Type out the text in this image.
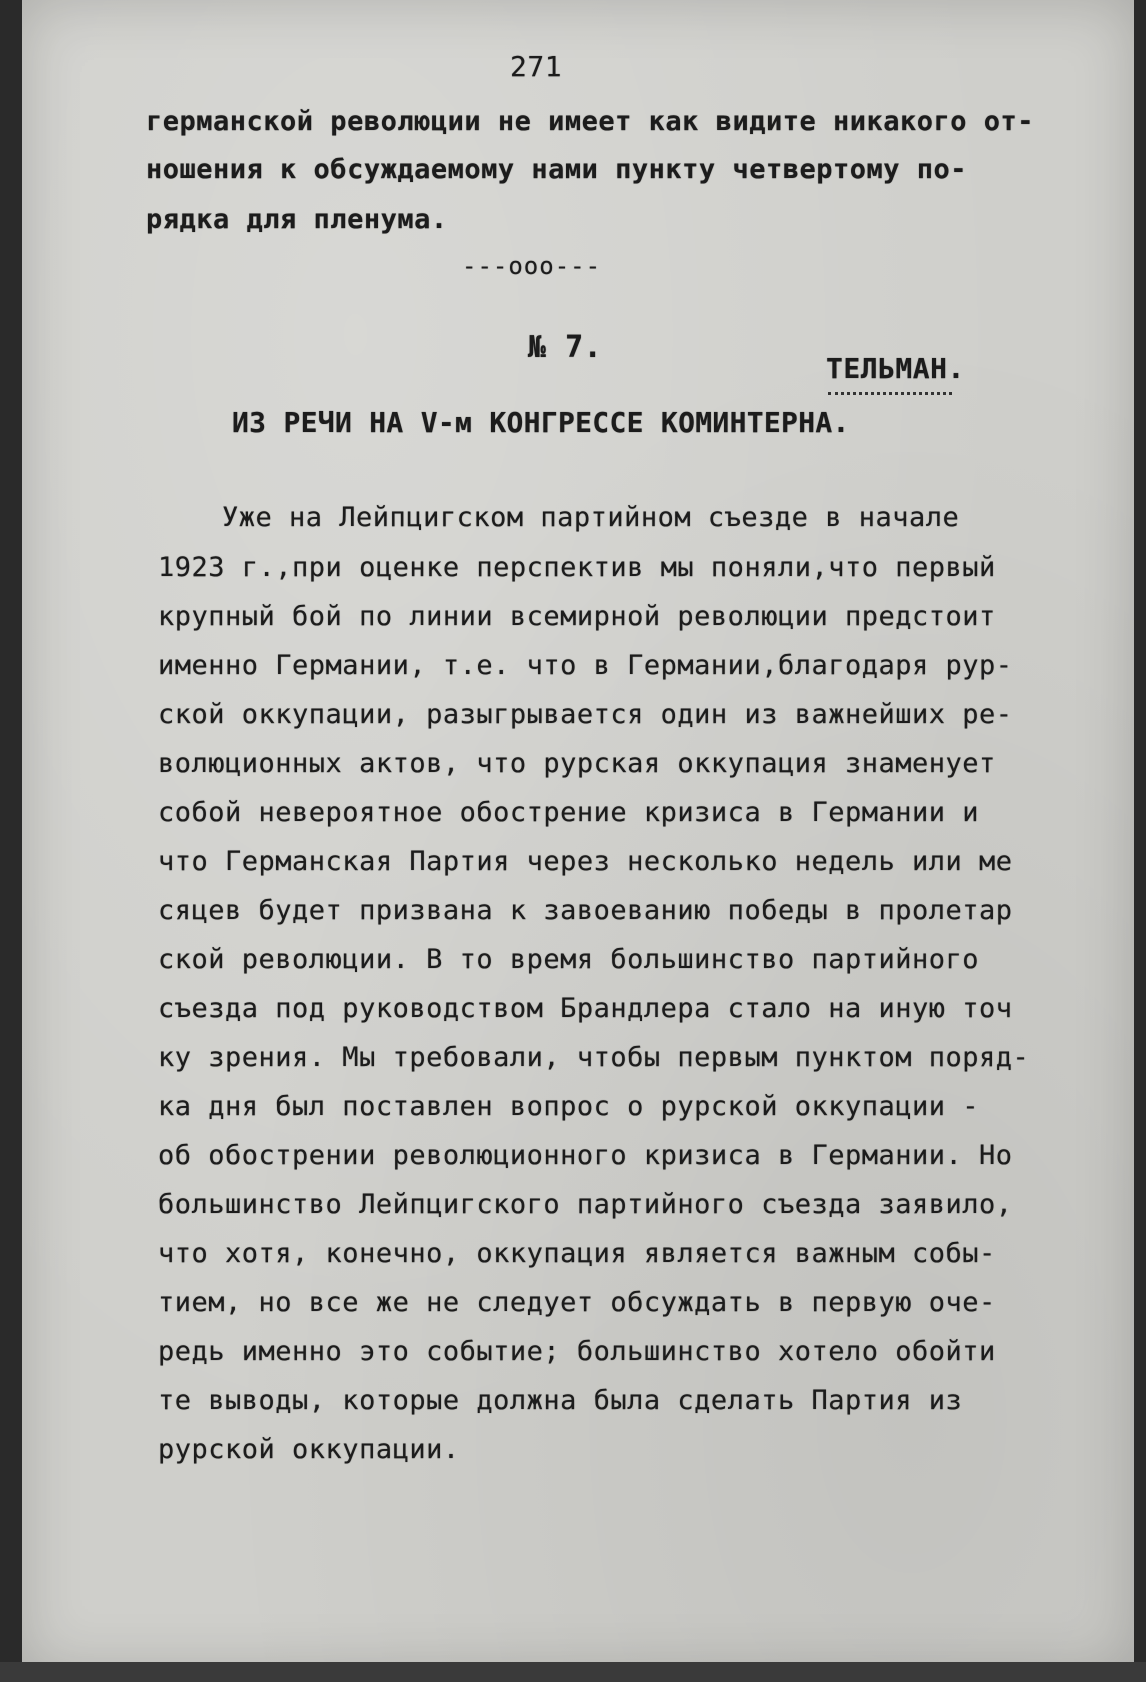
271
германской революции не имеет как видите никакого от-
ношения к обсуждаемому нами пункту четвертому по-
рядка для пленума.
---ооо---
№ 7.
ТЕЛЬМАН.
ИЗ РЕЧИ НА V-м КОНГРЕССЕ КОМИНТЕРНА.
Уже на Лейпцигском партийном съезде в начале
1923 г.,при оценке перспектив мы поняли,что первый
крупный бой по линии всемирной революции предстоит
именно Германии, т.е. что в Германии,благодаря рур-
ской оккупации, разыгрывается один из важнейших ре-
волюционных актов, что рурская оккупация знаменует
собой невероятное обострение кризиса в Германии и
что Германская Партия через несколько недель или ме
сяцев будет призвана к завоеванию победы в пролетар
ской революции. В то время большинство партийного
съезда под руководством Брандлера стало на иную точ
ку зрения. Мы требовали, чтобы первым пунктом поряд-
ка дня был поставлен вопрос о рурской оккупации -
об обострении революционного кризиса в Германии. Но
большинство Лейпцигского партийного съезда заявило,
что хотя, конечно, оккупация является важным собы-
тием, но все же не следует обсуждать в первую оче-
редь именно это событие; большинство хотело обойти
те выводы, которые должна была сделать Партия из
рурской оккупации.
